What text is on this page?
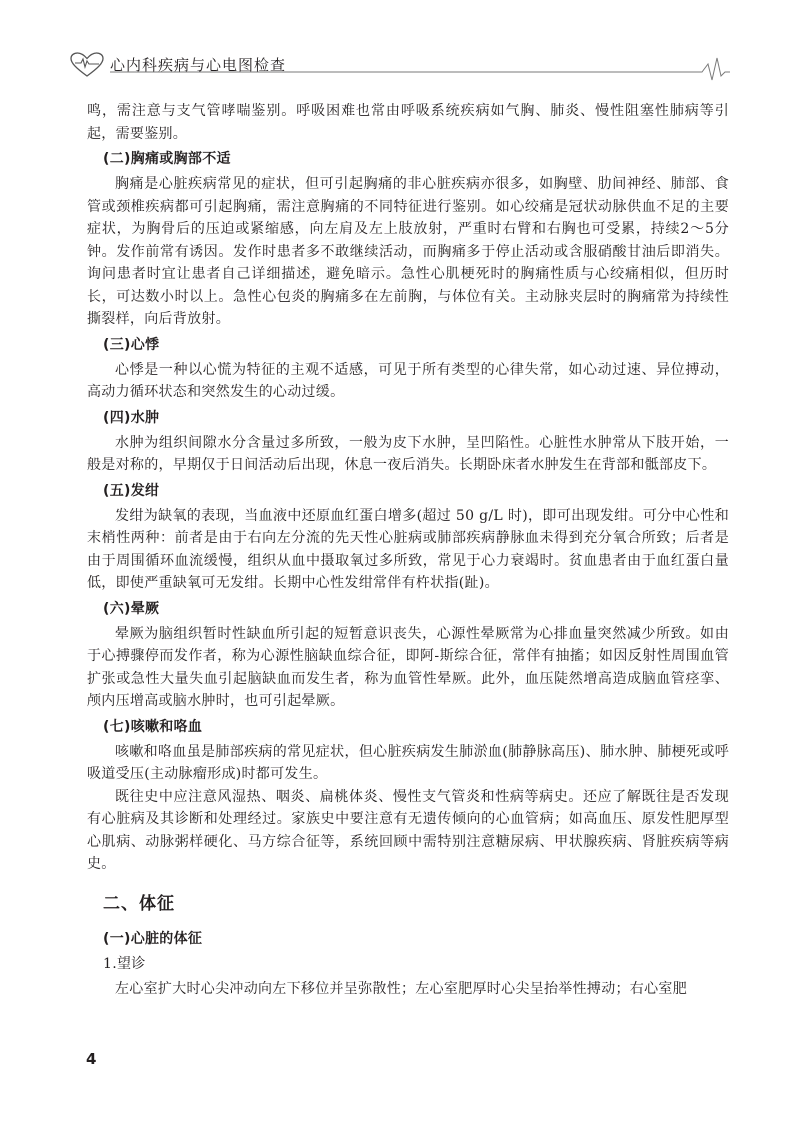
心内科疾病与心电图检查

鸣，需注意与支气管哮喘鉴别。呼吸困难也常由呼吸系统疾病如气胸、肺炎、慢性阻塞性肺病等引起，需要鉴别。

(二)胸痛或胸部不适

胸痛是心脏疾病常见的症状，但可引起胸痛的非心脏疾病亦很多，如胸壁、肋间神经、肺部、食管或颈椎疾病都可引起胸痛，需注意胸痛的不同特征进行鉴别。如心绞痛是冠状动脉供血不足的主要症状，为胸骨后的压迫或紧缩感，向左肩及左上肢放射，严重时右臂和右胸也可受累，持续2～5分钟。发作前常有诱因。发作时患者多不敢继续活动，而胸痛多于停止活动或含服硝酸甘油后即消失。询问患者时宜让患者自己详细描述，避免暗示。急性心肌梗死时的胸痛性质与心绞痛相似，但历时长，可达数小时以上。急性心包炎的胸痛多在左前胸，与体位有关。主动脉夹层时的胸痛常为持续性撕裂样，向后背放射。

(三)心悸

心悸是一种以心慌为特征的主观不适感，可见于所有类型的心律失常，如心动过速、异位搏动，高动力循环状态和突然发生的心动过缓。

(四)水肿

水肿为组织间隙水分含量过多所致，一般为皮下水肿，呈凹陷性。心脏性水肿常从下肢开始，一般是对称的，早期仅于日间活动后出现，休息一夜后消失。长期卧床者水肿发生在背部和骶部皮下。

(五)发绀

发绀为缺氧的表现，当血液中还原血红蛋白增多(超过 50 g/L 时)，即可出现发绀。可分中心性和末梢性两种：前者是由于右向左分流的先天性心脏病或肺部疾病静脉血未得到充分氧合所致；后者是由于周围循环血流缓慢，组织从血中摄取氧过多所致，常见于心力衰竭时。贫血患者由于血红蛋白量低，即使严重缺氧可无发绀。长期中心性发绀常伴有杵状指(趾)。

(六)晕厥

晕厥为脑组织暂时性缺血所引起的短暂意识丧失，心源性晕厥常为心排血量突然减少所致。如由于心搏骤停而发作者，称为心源性脑缺血综合征，即阿-斯综合征，常伴有抽搐；如因反射性周围血管扩张或急性大量失血引起脑缺血而发生者，称为血管性晕厥。此外，血压陡然增高造成脑血管痉挛、颅内压增高或脑水肿时，也可引起晕厥。

(七)咳嗽和咯血

咳嗽和咯血虽是肺部疾病的常见症状，但心脏疾病发生肺淤血(肺静脉高压)、肺水肿、肺梗死或呼吸道受压(主动脉瘤形成)时都可发生。

既往史中应注意风湿热、咽炎、扁桃体炎、慢性支气管炎和性病等病史。还应了解既往是否发现有心脏病及其诊断和处理经过。家族史中要注意有无遗传倾向的心血管病；如高血压、原发性肥厚型心肌病、动脉粥样硬化、马方综合征等，系统回顾中需特别注意糖尿病、甲状腺疾病、肾脏疾病等病史。

二、体征
(一)心脏的体征
1.望诊

左心室扩大时心尖冲动向左下移位并呈弥散性；左心室肥厚时心尖呈抬举性搏动；右心室肥

4
